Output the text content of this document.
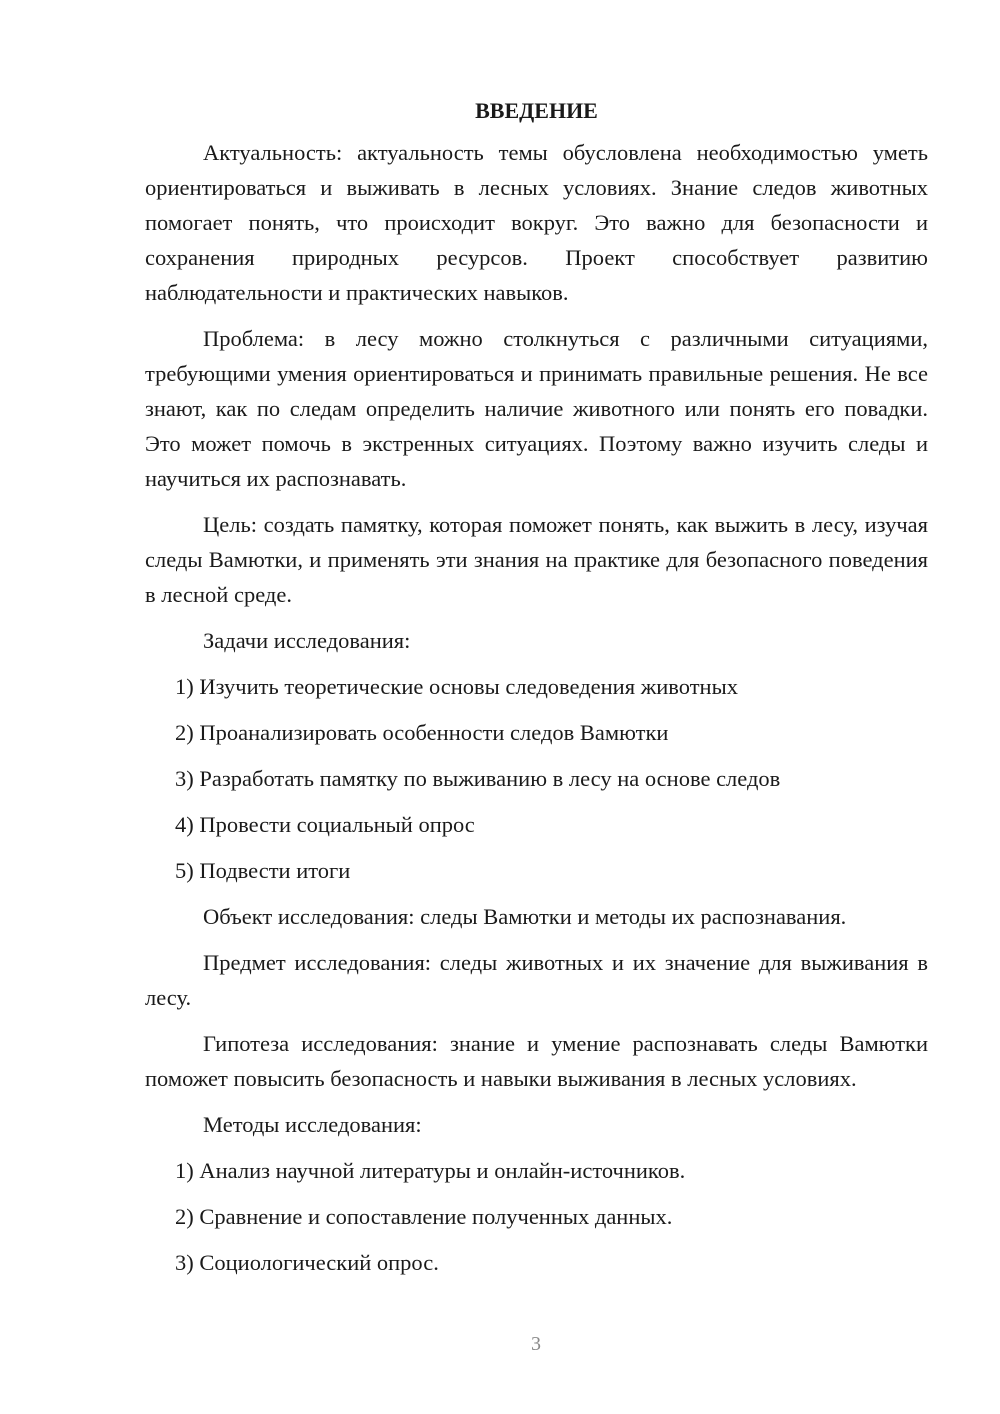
ВВЕДЕНИЕ

Актуальность: актуальность темы обусловлена необходимостью уметь ориентироваться и выживать в лесных условиях. Знание следов животных помогает понять, что происходит вокруг. Это важно для безопасности и сохранения природных ресурсов. Проект способствует развитию наблюдательности и практических навыков.

Проблема: в лесу можно столкнуться с различными ситуациями, требующими умения ориентироваться и принимать правильные решения. Не все знают, как по следам определить наличие животного или понять его повадки. Это может помочь в экстренных ситуациях. Поэтому важно изучить следы и научиться их распознавать.

Цель: создать памятку, которая поможет понять, как выжить в лесу, изучая следы Вамютки, и применять эти знания на практике для безопасного поведения в лесной среде.

Задачи исследования:

1) Изучить теоретические основы следоведения животных
2) Проанализировать особенности следов Вамютки
3) Разработать памятку по выживанию в лесу на основе следов
4) Провести социальный опрос
5) Подвести итоги

Объект исследования: следы Вамютки и методы их распознавания.

Предмет исследования: следы животных и их значение для выживания в лесу.

Гипотеза исследования: знание и умение распознавать следы Вамютки поможет повысить безопасность и навыки выживания в лесных условиях.

Методы исследования:

1) Анализ научной литературы и онлайн-источников.
2) Сравнение и сопоставление полученных данных.
3) Социологический опрос.
3
